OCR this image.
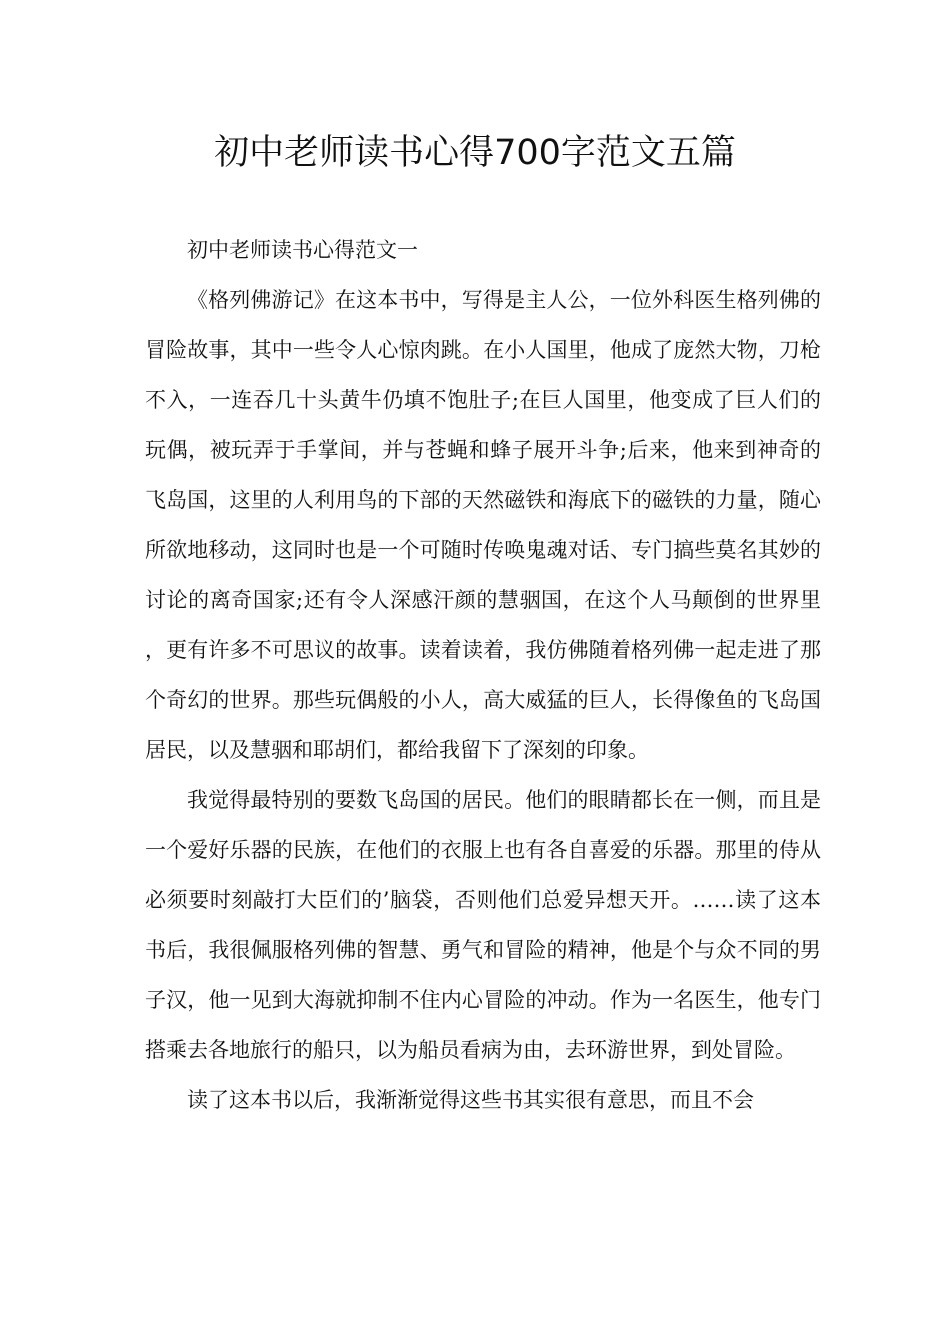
初中老师读书心得700字范文五篇

初中老师读书心得范文一

《格列佛游记》在这本书中，写得是主人公，一位外科医生格列佛的冒险故事，其中一些令人心惊肉跳。在小人国里，他成了庞然大物，刀枪不入，一连吞几十头黄牛仍填不饱肚子;在巨人国里，他变成了巨人们的玩偶，被玩弄于手掌间，并与苍蝇和蜂子展开斗争;后来，他来到神奇的飞岛国，这里的人利用鸟的下部的天然磁铁和海底下的磁铁的力量，随心所欲地移动，这同时也是一个可随时传唤鬼魂对话、专门搞些莫名其妙的讨论的离奇国家;还有令人深感汗颜的慧骃国，在这个人马颠倒的世界里，更有许多不可思议的故事。读着读着，我仿佛随着格列佛一起走进了那个奇幻的世界。那些玩偶般的小人，高大威猛的巨人，长得像鱼的飞岛国居民，以及慧骃和耶胡们，都给我留下了深刻的印象。

我觉得最特别的要数飞岛国的居民。他们的眼睛都长在一侧，而且是一个爱好乐器的民族，在他们的衣服上也有各自喜爱的乐器。那里的侍从必须要时刻敲打大臣们的’脑袋，否则他们总爱异想天开。……读了这本书后，我很佩服格列佛的智慧、勇气和冒险的精神，他是个与众不同的男子汉，他一见到大海就抑制不住内心冒险的冲动。作为一名医生，他专门搭乘去各地旅行的船只，以为船员看病为由，去环游世界，到处冒险。

读了这本书以后，我渐渐觉得这些书其实很有意思，而且不会
